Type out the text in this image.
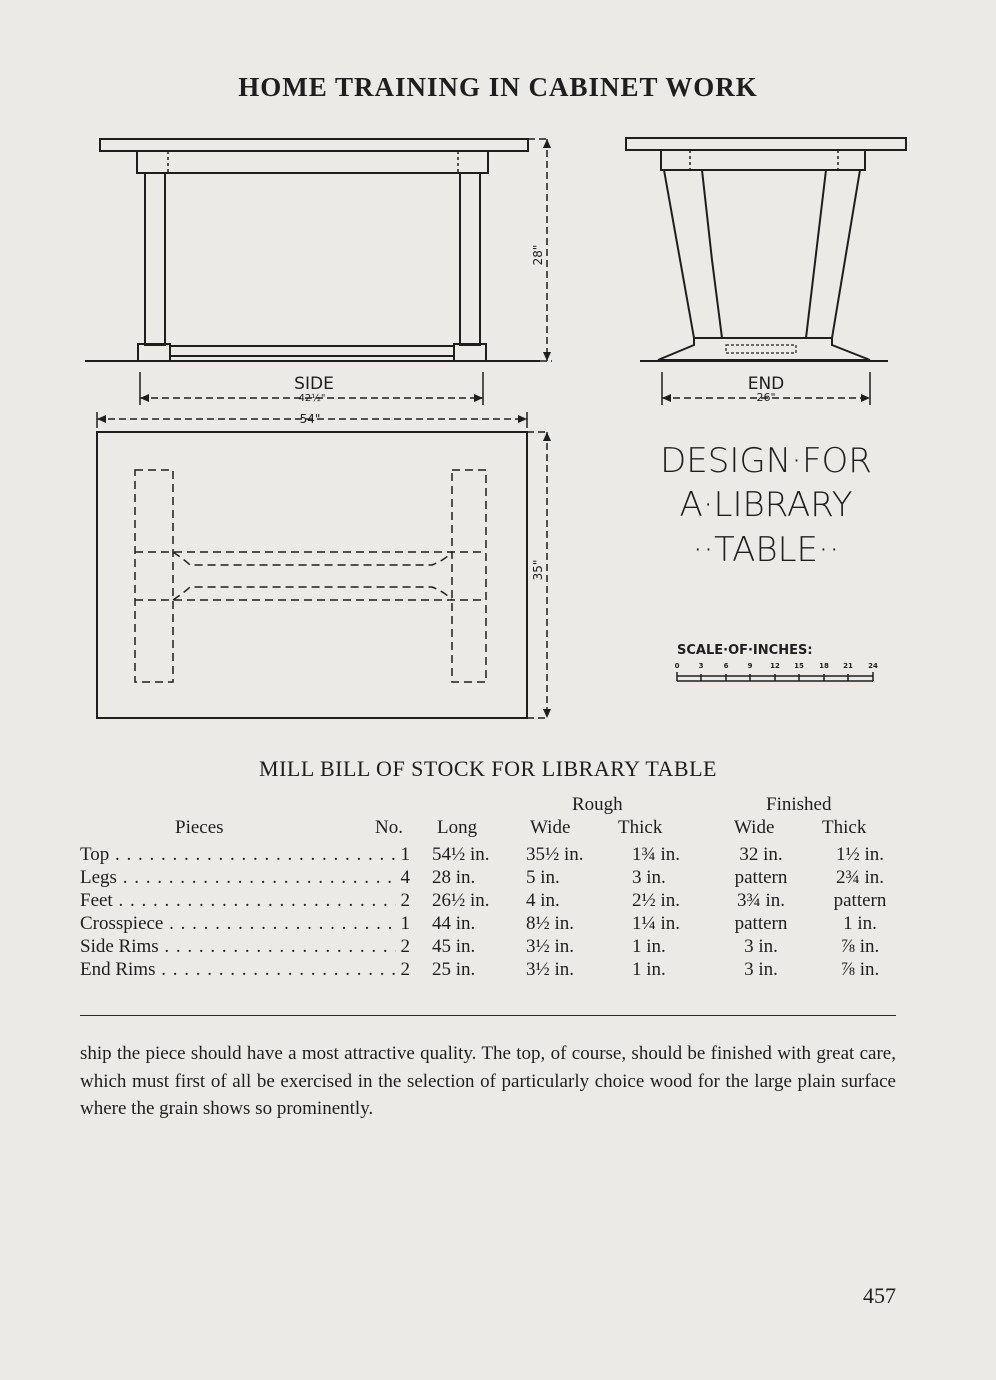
HOME TRAINING IN CABINET WORK
SIDE
42½"
END
26"
54"
28"
35"
DESIGN·FOR
A·LIBRARY
··TABLE··
SCALE·OF·INCHES:
0	3	6	9	12 15 18 21 24
MILL BILL OF STOCK FOR LIBRARY TABLE
Rough	Finished
Pieces	No. Long	Wide	Thick	Wide	Thick
Top . . .	1 54½ in.	35½ in.	1¾ in.	32 in.	1½ in.
Legs . . .	4 28 in.	5 in.	3 in.	pattern	2¾ in.
Feet . . .	2 26½ in.	4 in.	2½ in.	3¾ in.	pattern
Crosspiece . . .	1 44 in.	8½ in.	1¼ in.	pattern	1 in.
Side Rims . . .	2 45 in.	3½ in.	1 in.	3 in.	⅞ in.
End Rims . . .	2 25 in.	3½ in.	1 in.	3 in.	⅞ in.
ship the piece should have a most attractive quality. The top, of course, should be finished with great care, which must first of all be exercised in the selection of particularly choice wood for the large plain surface where the grain shows so prominently.
457
